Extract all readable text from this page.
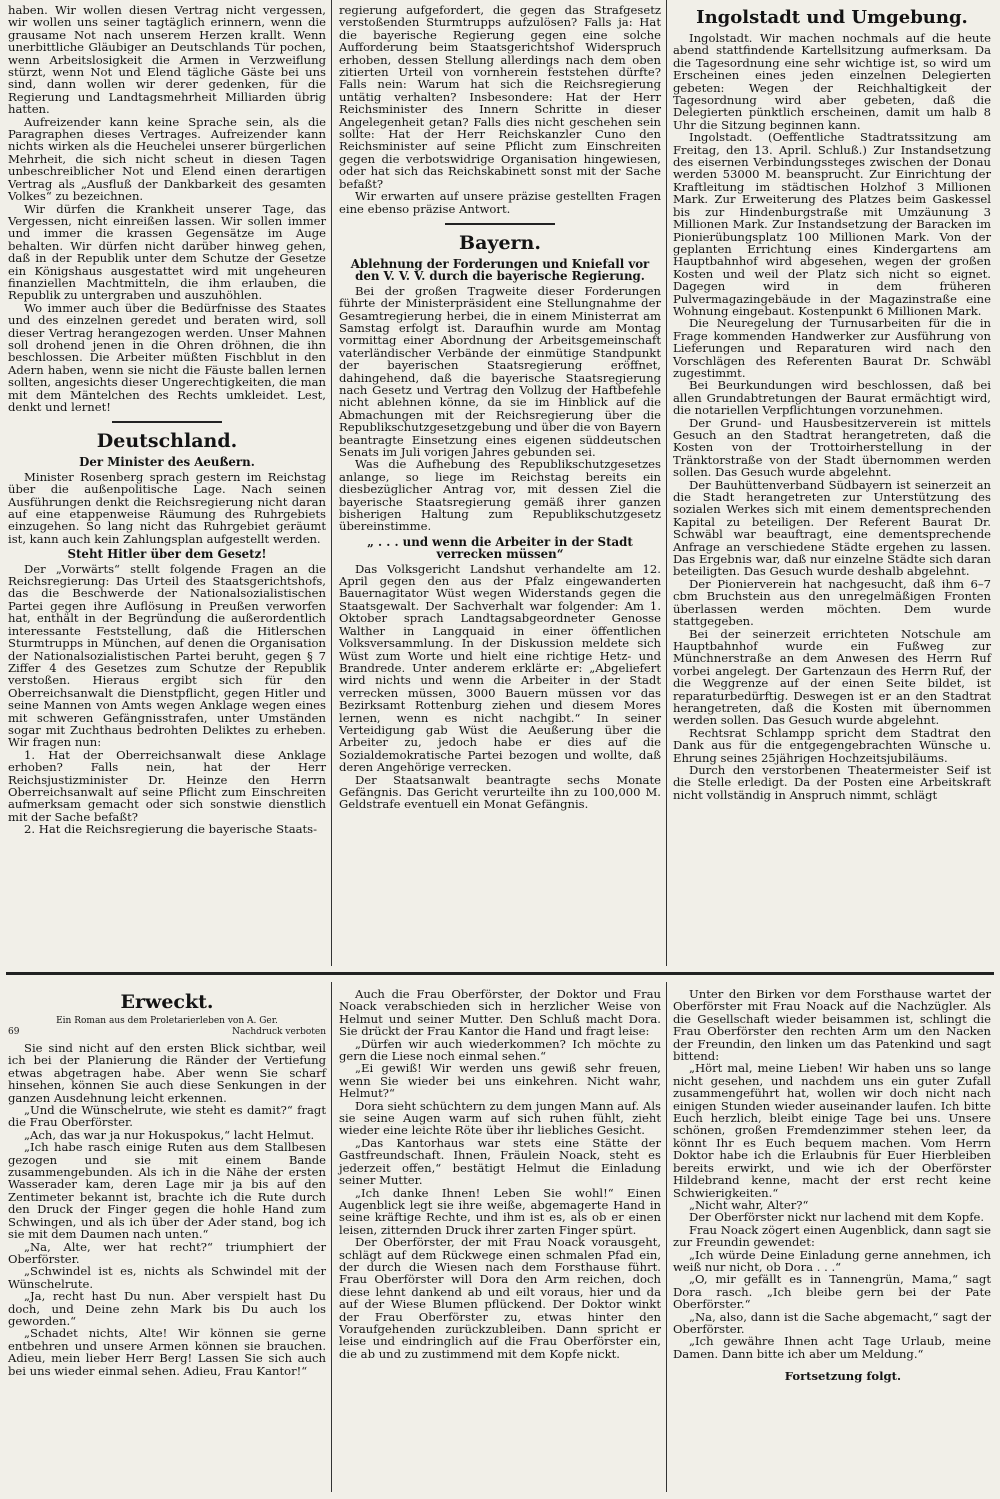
haben. Wir wollen diesen Vertrag nicht vergessen, wir wollen uns seiner tagtäglich erinnern, wenn die grausame Not nach unserem Herzen krallt. Wenn unerbittliche Gläubiger an Deutschlands Tür pochen, wenn Arbeitslosigkeit die Armen in Verzweiflung stürzt, wenn Not und Elend tägliche Gäste bei uns sind, dann wollen wir derer gedenken, für die Regierung und Landtagsmehrheit Milliarden übrig hatten.

Aufreizender kann keine Sprache sein, als die Paragraphen dieses Vertrages. Aufreizender kann nichts wirken als die Heuchelei unserer bürgerlichen Mehrheit, die sich nicht scheut in diesen Tagen unbeschreiblicher Not und Elend einen derartigen Vertrag als „Ausfluß der Dankbarkeit des gesamten Volkes“ zu bezeichnen.

Wir dürfen die Krankheit unserer Tage, das Vergessen, nicht einreißen lassen. Wir sollen immer und immer die krassen Gegensätze im Auge behalten. Wir dürfen nicht darüber hinweg gehen, daß in der Republik unter dem Schutze der Gesetze ein Königshaus ausgestattet wird mit ungeheuren finanziellen Machtmitteln, die ihm erlauben, die Republik zu untergraben und auszuhöhlen.

Wo immer auch über die Bedürfnisse des Staates und des einzelnen geredet und beraten wird, soll dieser Vertrag herangezogen werden. Unser Mahnen soll drohend jenen in die Ohren dröhnen, die ihn beschlossen. Die Arbeiter müßten Fischblut in den Adern haben, wenn sie nicht die Fäuste ballen lernen sollten, angesichts dieser Ungerechtigkeiten, die man mit dem Mäntelchen des Rechts umkleidet. Lest, denkt und lernet!

Deutschland.
Der Minister des Aeußern.

Minister Rosenberg sprach gestern im Reichstag über die außenpolitische Lage. Nach seinen Ausführungen denkt die Reichsregierung nicht daran auf eine etappenweise Räumung des Ruhrgebiets einzugehen. So lang nicht das Ruhrgebiet geräumt ist, kann auch kein Zahlungsplan aufgestellt werden.

Steht Hitler über dem Gesetz!

Der „Vorwärts“ stellt folgende Fragen an die Reichsregierung: Das Urteil des Staatsgerichtshofs, das die Beschwerde der Nationalsozialistischen Partei gegen ihre Auflösung in Preußen verworfen hat, enthält in der Begründung die außerordentlich interessante Feststellung, daß die Hitlerschen Sturmtrupps in München, auf denen die Organisation der Nationalsozialistischen Partei beruht, gegen § 7 Ziffer 4 des Gesetzes zum Schutze der Republik verstoßen. Hieraus ergibt sich für den Oberreichsanwalt die Dienstpflicht, gegen Hitler und seine Mannen von Amts wegen Anklage wegen eines mit schweren Gefängnisstrafen, unter Umständen sogar mit Zuchthaus bedrohten Deliktes zu erheben. Wir fragen nun:

1. Hat der Oberreichsanwalt diese Anklage erhoben? Falls nein, hat der Herr Reichsjustizminister Dr. Heinze den Herrn Oberreichsanwalt auf seine Pflicht zum Einschreiten aufmerksam gemacht oder sich sonstwie dienstlich mit der Sache befaßt?

2. Hat die Reichsregierung die bayerische Staats-

regierung aufgefordert, die gegen das Strafgesetz verstoßenden Sturmtrupps aufzulösen? Falls ja: Hat die bayerische Regierung gegen eine solche Aufforderung beim Staatsgerichtshof Widerspruch erhoben, dessen Stellung allerdings nach dem oben zitierten Urteil von vornherein feststehen dürfte? Falls nein: Warum hat sich die Reichsregierung untätig verhalten? Insbesondere: Hat der Herr Reichsminister des Innern Schritte in dieser Angelegenheit getan? Falls dies nicht geschehen sein sollte: Hat der Herr Reichskanzler Cuno den Reichsminister auf seine Pflicht zum Einschreiten gegen die verbotswidrige Organisation hingewiesen, oder hat sich das Reichskabinett sonst mit der Sache befaßt?

Wir erwarten auf unsere präzise gestellten Fragen eine ebenso präzise Antwort.

Bayern.
Ablehnung der Forderungen und Kniefall vor den V. V. V. durch die bayerische Regierung.

Bei der großen Tragweite dieser Forderungen führte der Ministerpräsident eine Stellungnahme der Gesamtregierung herbei, die in einem Ministerrat am Samstag erfolgt ist. Daraufhin wurde am Montag vormittag einer Abordnung der Arbeitsgemeinschaft vaterländischer Verbände der einmütige Standpunkt der bayerischen Staatsregierung eröffnet, dahingehend, daß die bayerische Staatsregierung nach Gesetz und Vertrag den Vollzug der Haftbefehle nicht ablehnen könne, da sie im Hinblick auf die Abmachungen mit der Reichsregierung über die Republikschutzgesetzgebung und über die von Bayern beantragte Einsetzung eines eigenen süddeutschen Senats im Juli vorigen Jahres gebunden sei.

Was die Aufhebung des Republikschutzgesetzes anlange, so liege im Reichstag bereits ein diesbezüglicher Antrag vor, mit dessen Ziel die bayerische Staatsregierung gemäß ihrer ganzen bisherigen Haltung zum Republikschutzgesetz übereinstimme.

„ . . . und wenn die Arbeiter in der Stadt verrecken müssen“

Das Volksgericht Landshut verhandelte am 12. April gegen den aus der Pfalz eingewanderten Bauernagitator Wüst wegen Widerstands gegen die Staatsgewalt. Der Sachverhalt war folgender: Am 1. Oktober sprach Landtagsabgeordneter Genosse Walther in Langquaid in einer öffentlichen Volksversammlung. In der Diskussion meldete sich Wüst zum Worte und hielt eine richtige Hetz- und Brandrede. Unter anderem erklärte er: „Abgeliefert wird nichts und wenn die Arbeiter in der Stadt verrecken müssen, 3000 Bauern müssen vor das Bezirksamt Rottenburg ziehen und diesem Mores lernen, wenn es nicht nachgibt.“ In seiner Verteidigung gab Wüst die Aeußerung über die Arbeiter zu, jedoch habe er dies auf die Sozialdemokratische Partei bezogen und wollte, daß deren Angehörige verrecken.

Der Staatsanwalt beantragte sechs Monate Gefängnis. Das Gericht verurteilte ihn zu 100,000 M. Geldstrafe eventuell ein Monat Gefängnis.

Ingolstadt und Umgebung.

Ingolstadt. Wir machen nochmals auf die heute abend stattfindende Kartellsitzung aufmerksam. Da die Tagesordnung eine sehr wichtige ist, so wird um Erscheinen eines jeden einzelnen Delegierten gebeten: Wegen der Reichhaltigkeit der Tagesordnung wird aber gebeten, daß die Delegierten pünktlich erscheinen, damit um halb 8 Uhr die Sitzung beginnen kann.

Ingolstadt. (Oeffentliche Stadtratssitzung am Freitag, den 13. April. Schluß.) Zur Instandsetzung des eisernen Verbindungssteges zwischen der Donau werden 53000 M. beansprucht. Zur Einrichtung der Kraftleitung im städtischen Holzhof 3 Millionen Mark. Zur Erweiterung des Platzes beim Gaskessel bis zur Hindenburgstraße mit Umzäunung 3 Millionen Mark. Zur Instandsetzung der Baracken im Pionierübungsplatz 100 Millionen Mark. Von der geplanten Errichtung eines Kindergartens am Hauptbahnhof wird abgesehen, wegen der großen Kosten und weil der Platz sich nicht so eignet. Dagegen wird in dem früheren Pulvermagazingebäude in der Magazinstraße eine Wohnung eingebaut. Kostenpunkt 6 Millionen Mark.

Die Neuregelung der Turnusarbeiten für die in Frage kommenden Handwerker zur Ausführung von Lieferungen und Reparaturen wird nach den Vorschlägen des Referenten Baurat Dr. Schwäbl zugestimmt.

Bei Beurkundungen wird beschlossen, daß bei allen Grundabtretungen der Baurat ermächtigt wird, die notariellen Verpflichtungen vorzunehmen.

Der Grund- und Hausbesitzerverein ist mittels Gesuch an den Stadtrat herangetreten, daß die Kosten von der Trottoirherstellung in der Tränktorstraße von der Stadt übernommen werden sollen. Das Gesuch wurde abgelehnt.

Der Bauhüttenverband Südbayern ist seinerzeit an die Stadt herangetreten zur Unterstützung des sozialen Werkes sich mit einem dementsprechenden Kapital zu beteiligen. Der Referent Baurat Dr. Schwäbl war beauftragt, eine dementsprechende Anfrage an verschiedene Städte ergehen zu lassen. Das Ergebnis war, daß nur einzelne Städte sich daran beteiligten. Das Gesuch wurde deshalb abgelehnt.

Der Pionierverein hat nachgesucht, daß ihm 6–7 cbm Bruchstein aus den unregelmäßigen Fronten überlassen werden möchten. Dem wurde stattgegeben.

Bei der seinerzeit errichteten Notschule am Hauptbahnhof wurde ein Fußweg zur Münchnerstraße an dem Anwesen des Herrn Ruf vorbei angelegt. Der Gartenzaun des Herrn Ruf, der die Weggrenze auf der einen Seite bildet, ist reparaturbedürftig. Deswegen ist er an den Stadtrat herangetreten, daß die Kosten mit übernommen werden sollen. Das Gesuch wurde abgelehnt.

Rechtsrat Schlampp spricht dem Stadtrat den Dank aus für die entgegengebrachten Wünsche u. Ehrung seines 25jährigen Hochzeitsjubiläums.

Durch den verstorbenen Theatermeister Seif ist die Stelle erledigt. Da der Posten eine Arbeitskraft nicht vollständig in Anspruch nimmt, schlägt

Erweckt.
Ein Roman aus dem Proletarierleben von A. Ger.
69	Nachdruck verboten

Sie sind nicht auf den ersten Blick sichtbar, weil ich bei der Planierung die Ränder der Vertiefung etwas abgetragen habe. Aber wenn Sie scharf hinsehen, können Sie auch diese Senkungen in der ganzen Ausdehnung leicht erkennen.

„Und die Wünschelrute, wie steht es damit?“ fragt die Frau Oberförster.

„Ach, das war ja nur Hokuspokus,“ lacht Helmut.

„Ich habe rasch einige Ruten aus dem Stallbesen gezogen und sie mit einem Bande zusammengebunden. Als ich in die Nähe der ersten Wasserader kam, deren Lage mir ja bis auf den Zentimeter bekannt ist, brachte ich die Rute durch den Druck der Finger gegen die hohle Hand zum Schwingen, und als ich über der Ader stand, bog ich sie mit dem Daumen nach unten.“

„Na, Alte, wer hat recht?“ triumphiert der Oberförster.

„Schwindel ist es, nichts als Schwindel mit der Wünschelrute.

„Ja, recht hast Du nun. Aber verspielt hast Du doch, und Deine zehn Mark bis Du auch los geworden.“

„Schadet nichts, Alte! Wir können sie gerne entbehren und unsere Armen können sie brauchen. Adieu, mein lieber Herr Berg! Lassen Sie sich auch bei uns wieder einmal sehen. Adieu, Frau Kantor!“

Auch die Frau Oberförster, der Doktor und Frau Noack verabschieden sich in herzlicher Weise von Helmut und seiner Mutter. Den Schluß macht Dora. Sie drückt der Frau Kantor die Hand und fragt leise:

„Dürfen wir auch wiederkommen? Ich möchte zu gern die Liese noch einmal sehen.“

„Ei gewiß! Wir werden uns gewiß sehr freuen, wenn Sie wieder bei uns einkehren. Nicht wahr, Helmut?“

Dora sieht schüchtern zu dem jungen Mann auf. Als sie seine Augen warm auf sich ruhen fühlt, zieht wieder eine leichte Röte über ihr liebliches Gesicht.

„Das Kantorhaus war stets eine Stätte der Gastfreundschaft. Ihnen, Fräulein Noack, steht es jederzeit offen,“ bestätigt Helmut die Einladung seiner Mutter.

„Ich danke Ihnen! Leben Sie wohl!“ Einen Augenblick legt sie ihre weiße, abgemagerte Hand in seine kräftige Rechte, und ihm ist es, als ob er einen leisen, zitternden Druck ihrer zarten Finger spürt.

Der Oberförster, der mit Frau Noack vorausgeht, schlägt auf dem Rückwege einen schmalen Pfad ein, der durch die Wiesen nach dem Forsthause führt. Frau Oberförster will Dora den Arm reichen, doch diese lehnt dankend ab und eilt voraus, hier und da auf der Wiese Blumen pflückend. Der Doktor winkt der Frau Oberförster zu, etwas hinter den Voraufgehenden zurückzubleiben. Dann spricht er leise und eindringlich auf die Frau Oberförster ein, die ab und zu zustimmend mit dem Kopfe nickt.

Unter den Birken vor dem Forsthause wartet der Oberförster mit Frau Noack auf die Nachzügler. Als die Gesellschaft wieder beisammen ist, schlingt die Frau Oberförster den rechten Arm um den Nacken der Freundin, den linken um das Patenkind und sagt bittend:

„Hört mal, meine Lieben! Wir haben uns so lange nicht gesehen, und nachdem uns ein guter Zufall zusammengeführt hat, wollen wir doch nicht nach einigen Stunden wieder auseinander laufen. Ich bitte Euch herzlich, bleibt einige Tage bei uns. Unsere schönen, großen Fremdenzimmer stehen leer, da könnt Ihr es Euch bequem machen. Vom Herrn Doktor habe ich die Erlaubnis für Euer Hierbleiben bereits erwirkt, und wie ich der Oberförster Hildebrand kenne, macht der erst recht keine Schwierigkeiten.“

„Nicht wahr, Alter?“

Der Oberförster nickt nur lachend mit dem Kopfe.

Frau Noack zögert einen Augenblick, dann sagt sie zur Freundin gewendet:

„Ich würde Deine Einladung gerne annehmen, ich weiß nur nicht, ob Dora . . .“

„O, mir gefällt es in Tannengrün, Mama,“ sagt Dora rasch. „Ich bleibe gern bei der Pate Oberförster.“

„Na, also, dann ist die Sache abgemacht,“ sagt der Oberförster.

„Ich gewähre Ihnen acht Tage Urlaub, meine Damen. Dann bitte ich aber um Meldung.“

Fortsetzung folgt.
